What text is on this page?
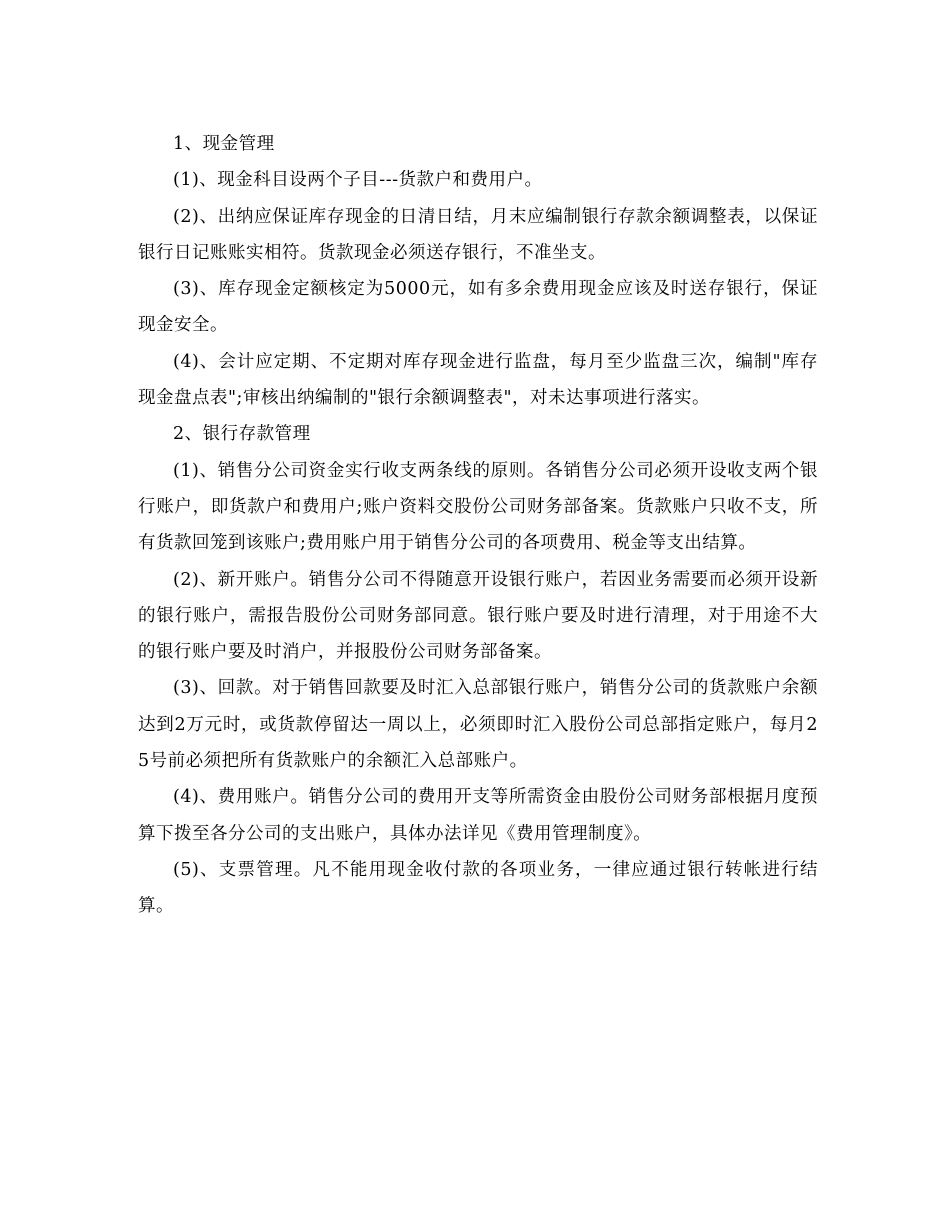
1、现金管理

(1)、现金科目设两个子目---货款户和费用户。

(2)、出纳应保证库存现金的日清日结，月末应编制银行存款余额调整表，以保证银行日记账账实相符。货款现金必须送存银行，不准坐支。

(3)、库存现金定额核定为5000元，如有多余费用现金应该及时送存银行，保证现金安全。

(4)、会计应定期、不定期对库存现金进行监盘，每月至少监盘三次，编制"库存现金盘点表";审核出纳编制的"银行余额调整表"，对未达事项进行落实。

2、银行存款管理

(1)、销售分公司资金实行收支两条线的原则。各销售分公司必须开设收支两个银行账户，即货款户和费用户;账户资料交股份公司财务部备案。货款账户只收不支，所有货款回笼到该账户;费用账户用于销售分公司的各项费用、税金等支出结算。

(2)、新开账户。销售分公司不得随意开设银行账户，若因业务需要而必须开设新的银行账户，需报告股份公司财务部同意。银行账户要及时进行清理，对于用途不大的银行账户要及时消户，并报股份公司财务部备案。

(3)、回款。对于销售回款要及时汇入总部银行账户，销售分公司的货款账户余额达到2万元时，或货款停留达一周以上，必须即时汇入股份公司总部指定账户，每月25号前必须把所有货款账户的余额汇入总部账户。

(4)、费用账户。销售分公司的费用开支等所需资金由股份公司财务部根据月度预算下拨至各分公司的支出账户，具体办法详见《费用管理制度》。

(5)、支票管理。凡不能用现金收付款的各项业务，一律应通过银行转帐进行结算。
